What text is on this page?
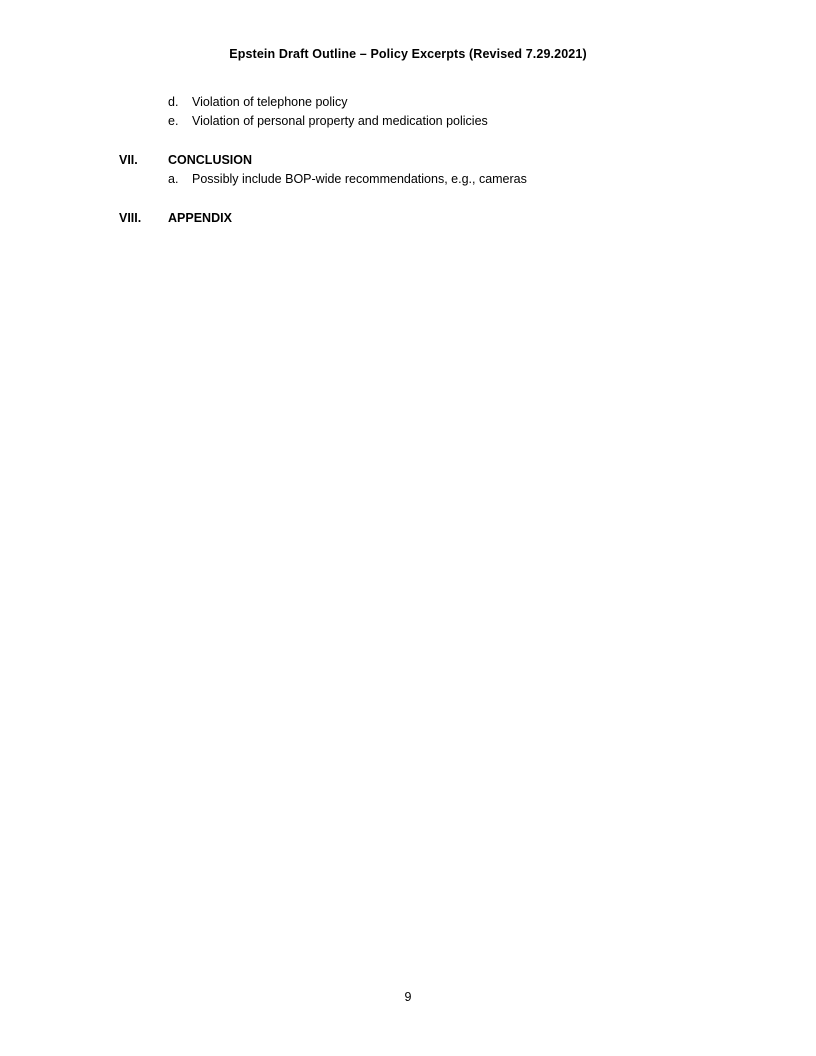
Epstein Draft Outline – Policy Excerpts (Revised 7.29.2021)
d. Violation of telephone policy
e. Violation of personal property and medication policies
VII. CONCLUSION
a. Possibly include BOP-wide recommendations, e.g., cameras
VIII. APPENDIX
9
